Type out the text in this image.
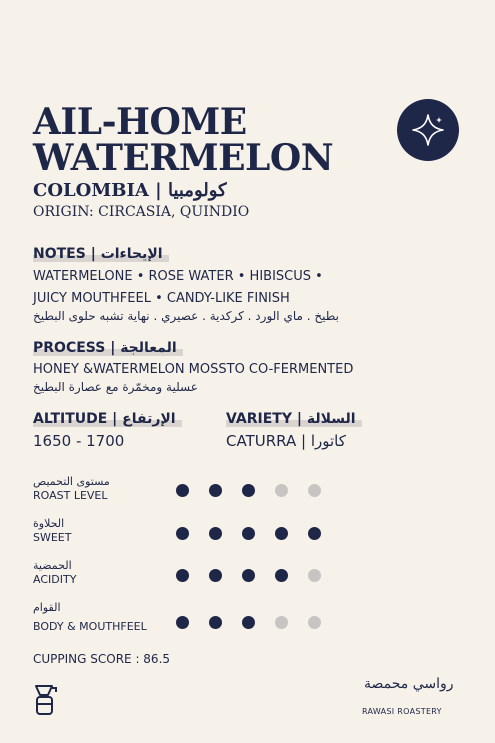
AIL-HOME
WATERMELON
COLOMBIA | كولومبيا
ORIGIN: CIRCASIA, QUINDIO
NOTES | الإيحاءات
WATERMELONE • ROSE WATER • HIBISCUS •
JUICY MOUTHFEEL • CANDY-LIKE FINISH
بطيخ . ماي الورد . كركدية . عصيري . نهاية تشبه حلوى البطيخ
PROCESS | المعالجة
HONEY &WATERMELON MOSSTO CO-FERMENTED
عسلية ومخمّرة مع عصارة البطيخ
ALTITUDE | الإرتفاع
1650 - 1700
VARIETY | السلالة
CATURRA | كاتورا
مستوى التحميص
ROAST LEVEL
الحلاوة
SWEET
الحمضية
ACIDITY
القوام
BODY & MOUTHFEEL
CUPPING SCORE : 86.5
رواسي محمصة
RAWASI ROASTERY
